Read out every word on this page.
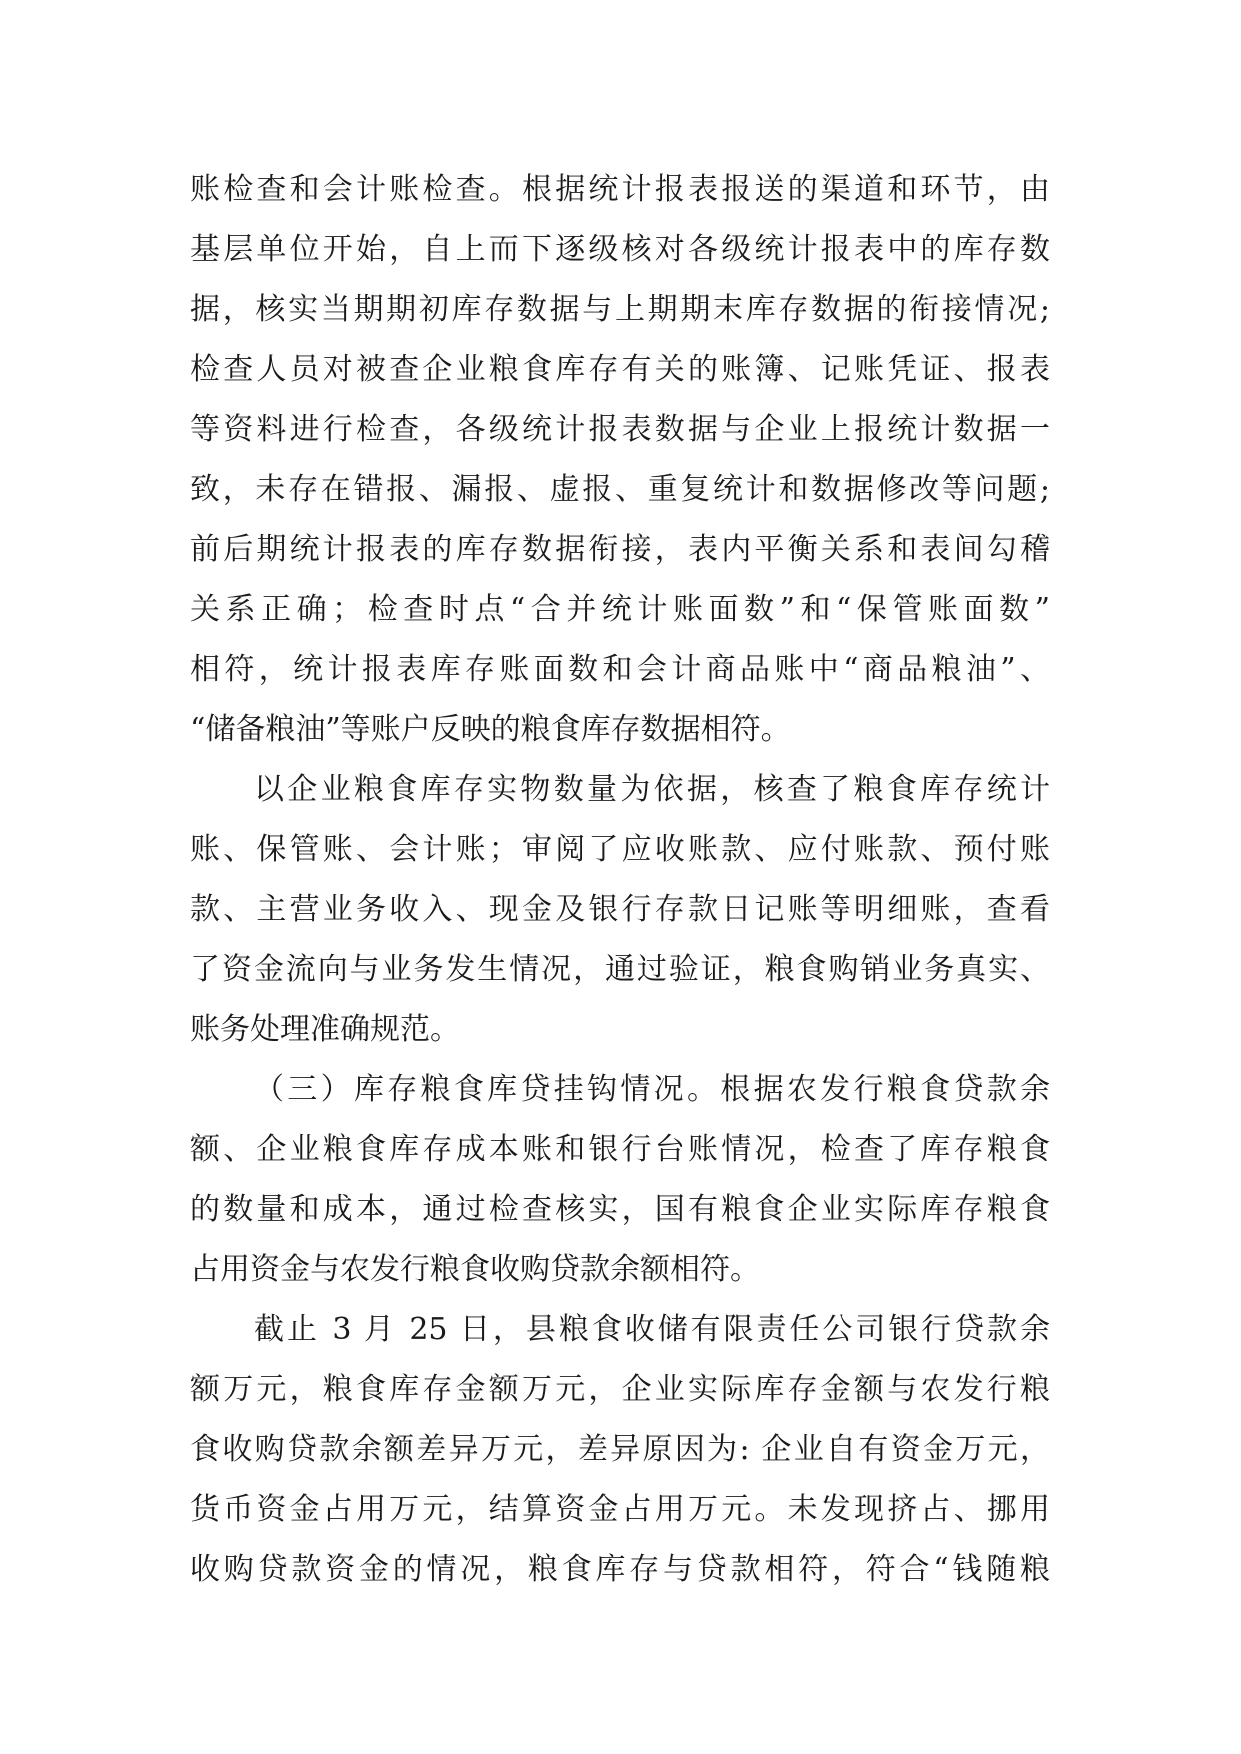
账检查和会计账检查。根据统计报表报送的渠道和环节，由
基层单位开始，自上而下逐级核对各级统计报表中的库存数
据，核实当期期初库存数据与上期期末库存数据的衔接情况;
检查人员对被查企业粮食库存有关的账簿、记账凭证、报表
等资料进行检查，各级统计报表数据与企业上报统计数据一
致，未存在错报、漏报、虚报、重复统计和数据修改等问题;
前后期统计报表的库存数据衔接，表内平衡关系和表间勾稽
关系正确；检查时点“合并统计账面数”和“保管账面数”
相符，统计报表库存账面数和会计商品账中“商品粮油”、
“储备粮油”等账户反映的粮食库存数据相符。
以企业粮食库存实物数量为依据，核查了粮食库存统计
账、保管账、会计账；审阅了应收账款、应付账款、预付账
款、主营业务收入、现金及银行存款日记账等明细账，查看
了资金流向与业务发生情况，通过验证，粮食购销业务真实、
账务处理准确规范。
（三）库存粮食库贷挂钩情况。根据农发行粮食贷款余
额、企业粮食库存成本账和银行台账情况，检查了库存粮食
的数量和成本，通过检查核实，国有粮食企业实际库存粮食
占用资金与农发行粮食收购贷款余额相符。
截止 3 月 25 日，县粮食收储有限责任公司银行贷款余
额万元，粮食库存金额万元，企业实际库存金额与农发行粮
食收购贷款余额差异万元，差异原因为: 企业自有资金万元，
货币资金占用万元，结算资金占用万元。未发现挤占、挪用
收购贷款资金的情况，粮食库存与贷款相符，符合“钱随粮
